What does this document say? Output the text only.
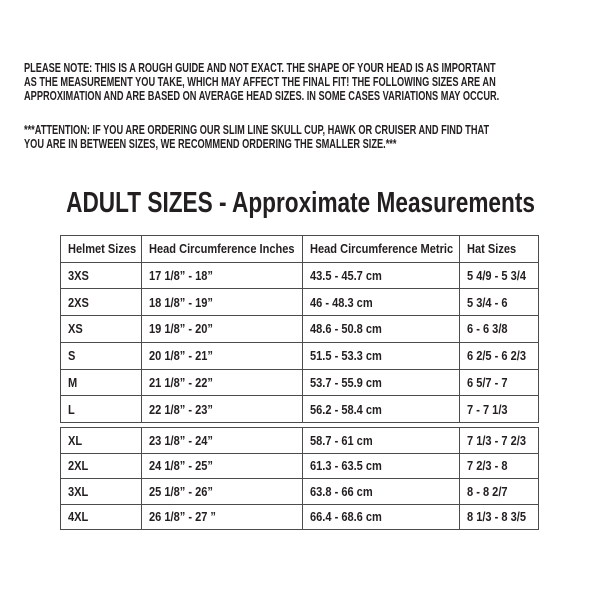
PLEASE NOTE: THIS IS A ROUGH GUIDE AND NOT EXACT. THE SHAPE OF YOUR HEAD IS AS IMPORTANT
AS THE MEASUREMENT YOU TAKE, WHICH MAY AFFECT THE FINAL FIT! THE FOLLOWING SIZES ARE AN
APPROXIMATION AND ARE BASED ON AVERAGE HEAD SIZES. IN SOME CASES VARIATIONS MAY OCCUR.
***ATTENTION: IF YOU ARE ORDERING OUR SLIM LINE SKULL CUP, HAWK OR CRUISER AND FIND THAT
YOU ARE IN BETWEEN SIZES, WE RECOMMEND ORDERING THE SMALLER SIZE.***
ADULT SIZES - Approximate Measurements
Helmet Sizes	Head Circumference Inches	Head Circumference Metric	Hat Sizes
3XS	17 1/8” - 18”	43.5 - 45.7 cm	5 4/9 - 5 3/4
2XS	18 1/8” - 19”	46 - 48.3 cm	5 3/4 - 6
XS	19 1/8” - 20”	48.6 - 50.8 cm	6 - 6 3/8
S	20 1/8” - 21”	51.5 - 53.3 cm	6 2/5 - 6 2/3
M	21 1/8” - 22”	53.7 - 55.9 cm	6 5/7 - 7
L	22 1/8” - 23”	56.2 - 58.4 cm	7 - 7 1/3
XL	23 1/8” - 24”	58.7 - 61 cm	7 1/3 - 7 2/3
2XL	24 1/8” - 25”	61.3 - 63.5 cm	7 2/3 - 8
3XL	25 1/8” - 26”	63.8 - 66 cm	8 - 8 2/7
4XL	26 1/8” - 27 ”	66.4 - 68.6 cm	8 1/3 - 8 3/5
